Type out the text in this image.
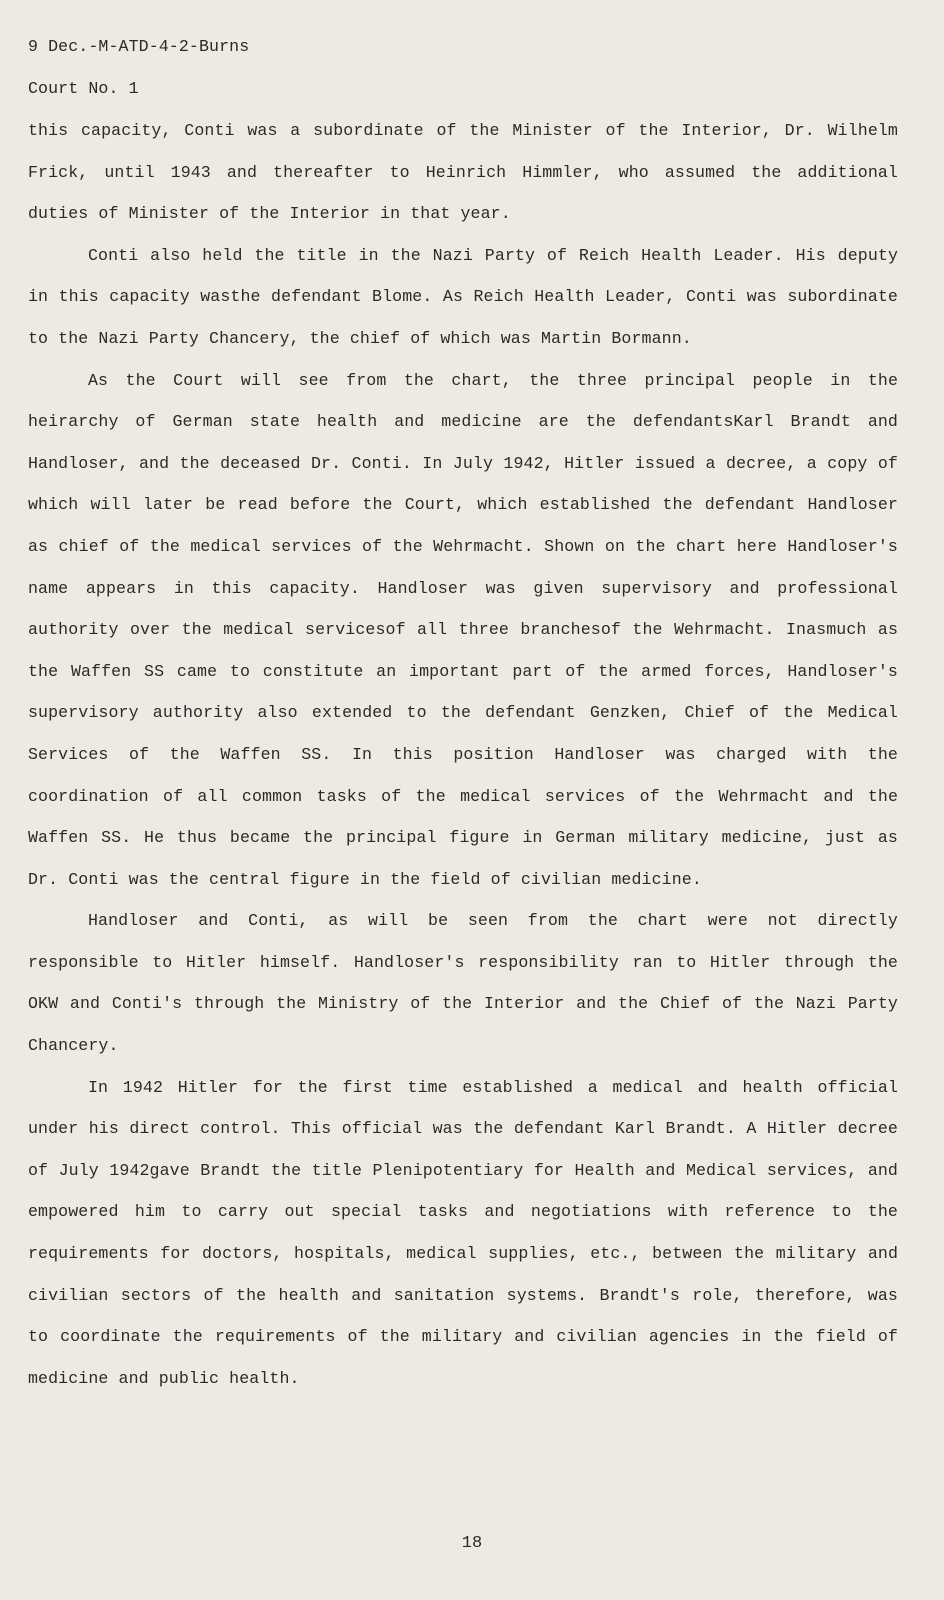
9 Dec.-M-ATD-4-2-Burns
Court No. 1

this capacity, Conti was a subordinate of the Minister of the Interior, Dr. Wilhelm Frick, until 1943 and thereafter to Heinrich Himmler, who assumed the additional duties of Minister of the Interior in that year.

Conti also held the title in the Nazi Party of Reich Health Leader. His deputy in this capacity wasthe defendant Blome. As Reich Health Leader, Conti was subordinate to the Nazi Party Chancery, the chief of which was Martin Bormann.

As the Court will see from the chart, the three principal people in the heirarchy of German state health and medicine are the defendantsKarl Brandt and Handloser, and the deceased Dr. Conti. In July 1942, Hitler issued a decree, a copy of which will later be read before the Court, which established the defendant Handloser as chief of the medical services of the Wehrmacht. Shown on the chart here Handloser's name appears in this capacity. Handloser was given supervisory and professional authority over the medical servicesof all three branchesof the Wehrmacht. Inasmuch as the Waffen SS came to constitute an important part of the armed forces, Handloser's supervisory authority also extended to the defendant Genzken, Chief of the Medical Services of the Waffen SS. In this position Handloser was charged with the coordination of all common tasks of the medical services of the Wehrmacht and the Waffen SS. He thus became the principal figure in German military medicine, just as Dr. Conti was the central figure in the field of civilian medicine.

Handloser and Conti, as will be seen from the chart were not directly responsible to Hitler himself. Handloser's responsibility ran to Hitler through the OKW and Conti's through the Ministry of the Interior and the Chief of the Nazi Party Chancery.

In 1942 Hitler for the first time established a medical and health official under his direct control. This official was the defendant Karl Brandt. A Hitler decree of July 1942gave Brandt the title Plenipotentiary for Health and Medical services, and empowered him to carry out special tasks and negotiations with reference to the requirements for doctors, hospitals, medical supplies, etc., between the military and civilian sectors of the health and sanitation systems. Brandt's role, therefore, was to coordinate the requirements of the military and civilian agencies in the field of medicine and public health.

18
